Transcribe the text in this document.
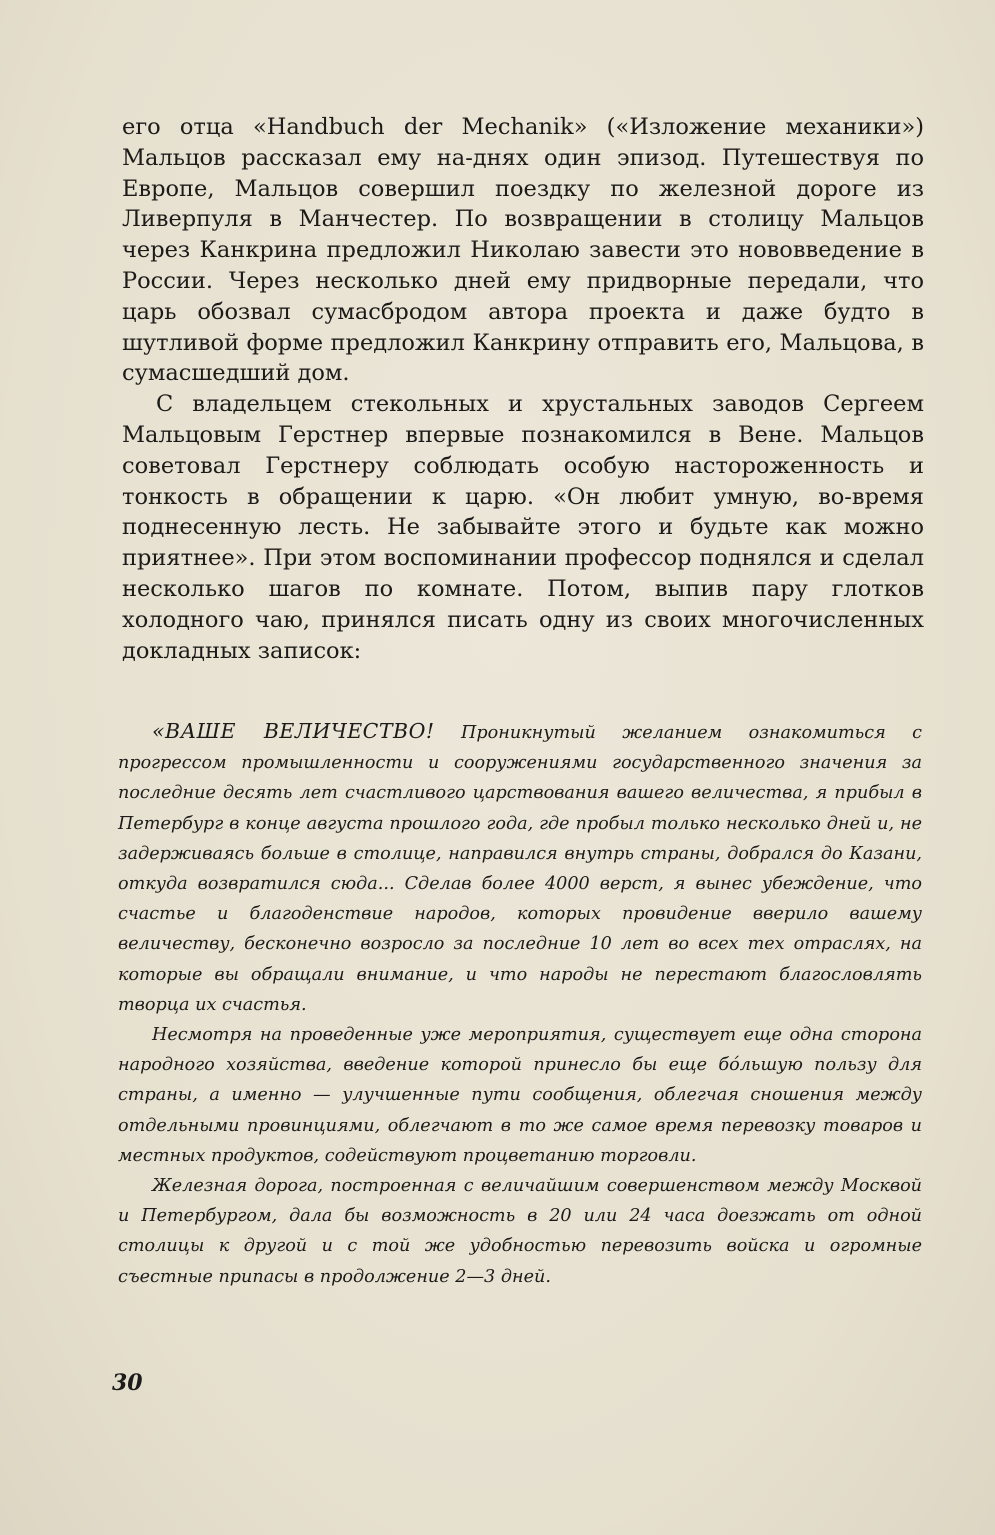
его отца «Handbuch der Mechanik» («Изложение механики») Мальцов рассказал ему на-днях один эпизод. Путешествуя по Европе, Мальцов совершил поездку по железной дороге из Ливерпуля в Манчестер. По возвращении в столицу Мальцов через Канкрина предложил Николаю завести это нововведение в России. Через несколько дней ему придворные передали, что царь обозвал сумасбродом автора проекта и даже будто в шутливой форме предложил Канкрину отправить его, Мальцова, в сумасшедший дом.

С владельцем стекольных и хрустальных заводов Сергеем Мальцовым Герстнер впервые познакомился в Вене. Мальцов советовал Герстнеру соблюдать особую настороженность и тонкость в обращении к царю. «Он любит умную, во-время поднесенную лесть. Не забывайте этого и будьте как можно приятнее». При этом воспоминании профессор поднялся и сделал несколько шагов по комнате. Потом, выпив пару глотков холодного чаю, принялся писать одну из своих многочисленных докладных записок:

«ВАШЕ ВЕЛИЧЕСТВО! Проникнутый желанием ознакомиться с прогрессом промышленности и сооружениями государственного значения за последние десять лет счастливого царствования вашего величества, я прибыл в Петербург в конце августа прошлого года, где пробыл только несколько дней и, не задерживаясь больше в столице, направился внутрь страны, добрался до Казани, откуда возвратился сюда... Сделав более 4000 верст, я вынес убеждение, что счастье и благоденствие народов, которых провидение вверило вашему величеству, бесконечно возросло за последние 10 лет во всех тех отраслях, на которые вы обращали внимание, и что народы не перестают благословлять творца их счастья.

Несмотря на проведенные уже мероприятия, существует еще одна сторона народного хозяйства, введение которой принесло бы еще бóльшую пользу для страны, а именно — улучшенные пути сообщения, облегчая сношения между отдельными провинциями, облегчают в то же самое время перевозку товаров и местных продуктов, содействуют процветанию торговли.

Железная дорога, построенная с величайшим совершенством между Москвой и Петербургом, дала бы возможность в 20 или 24 часа доезжать от одной столицы к другой и с той же удобностью перевозить войска и огромные съестные припасы в продолжение 2—3 дней.

30
